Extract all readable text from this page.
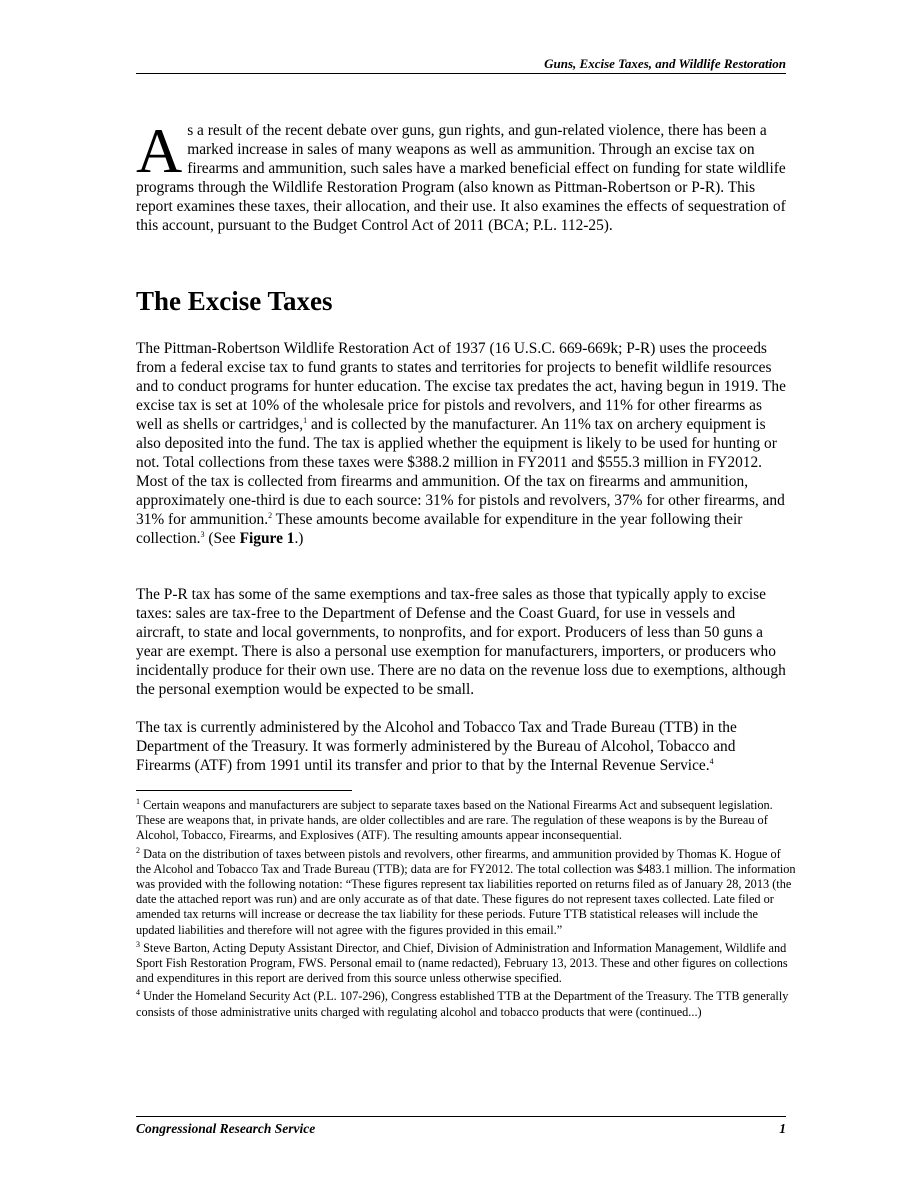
Guns, Excise Taxes, and Wildlife Restoration

As a result of the recent debate over guns, gun rights, and gun-related violence, there has been a marked increase in sales of many weapons as well as ammunition. Through an excise tax on firearms and ammunition, such sales have a marked beneficial effect on funding for state wildlife programs through the Wildlife Restoration Program (also known as Pittman-Robertson or P-R). This report examines these taxes, their allocation, and their use. It also examines the effects of sequestration of this account, pursuant to the Budget Control Act of 2011 (BCA; P.L. 112-25).

The Excise Taxes

The Pittman-Robertson Wildlife Restoration Act of 1937 (16 U.S.C. 669-669k; P-R) uses the proceeds from a federal excise tax to fund grants to states and territories for projects to benefit wildlife resources and to conduct programs for hunter education. The excise tax predates the act, having begun in 1919. The excise tax is set at 10% of the wholesale price for pistols and revolvers, and 11% for other firearms as well as shells or cartridges,$^1$ and is collected by the manufacturer. An 11% tax on archery equipment is also deposited into the fund. The tax is applied whether the equipment is likely to be used for hunting or not. Total collections from these taxes were $388.2 million in FY2011 and $555.3 million in FY2012. Most of the tax is collected from firearms and ammunition. Of the tax on firearms and ammunition, approximately one-third is due to each source: 31% for pistols and revolvers, 37% for other firearms, and 31% for ammunition.$^2$ These amounts become available for expenditure in the year following their collection.$^3$ (See Figure 1.)

The P-R tax has some of the same exemptions and tax-free sales as those that typically apply to excise taxes: sales are tax-free to the Department of Defense and the Coast Guard, for use in vessels and aircraft, to state and local governments, to nonprofits, and for export. Producers of less than 50 guns a year are exempt. There is also a personal use exemption for manufacturers, importers, or producers who incidentally produce for their own use. There are no data on the revenue loss due to exemptions, although the personal exemption would be expected to be small.

The tax is currently administered by the Alcohol and Tobacco Tax and Trade Bureau (TTB) in the Department of the Treasury. It was formerly administered by the Bureau of Alcohol, Tobacco and Firearms (ATF) from 1991 until its transfer and prior to that by the Internal Revenue Service.$^4$

$^1$ Certain weapons and manufacturers are subject to separate taxes based on the National Firearms Act and subsequent legislation. These are weapons that, in private hands, are older collectibles and are rare. The regulation of these weapons is by the Bureau of Alcohol, Tobacco, Firearms, and Explosives (ATF). The resulting amounts appear inconsequential.

$^2$ Data on the distribution of taxes between pistols and revolvers, other firearms, and ammunition provided by Thomas K. Hogue of the Alcohol and Tobacco Tax and Trade Bureau (TTB); data are for FY2012. The total collection was $483.1 million. The information was provided with the following notation: “These figures represent tax liabilities reported on returns filed as of January 28, 2013 (the date the attached report was run) and are only accurate as of that date. These figures do not represent taxes collected. Late filed or amended tax returns will increase or decrease the tax liability for these periods. Future TTB statistical releases will include the updated liabilities and therefore will not agree with the figures provided in this email.”

$^3$ Steve Barton, Acting Deputy Assistant Director, and Chief, Division of Administration and Information Management, Wildlife and Sport Fish Restoration Program, FWS. Personal email to (name redacted), February 13, 2013. These and other figures on collections and expenditures in this report are derived from this source unless otherwise specified.

$^4$ Under the Homeland Security Act (P.L. 107-296), Congress established TTB at the Department of the Treasury. The TTB generally consists of those administrative units charged with regulating alcohol and tobacco products that were (continued...)

Congressional Research Service	1
